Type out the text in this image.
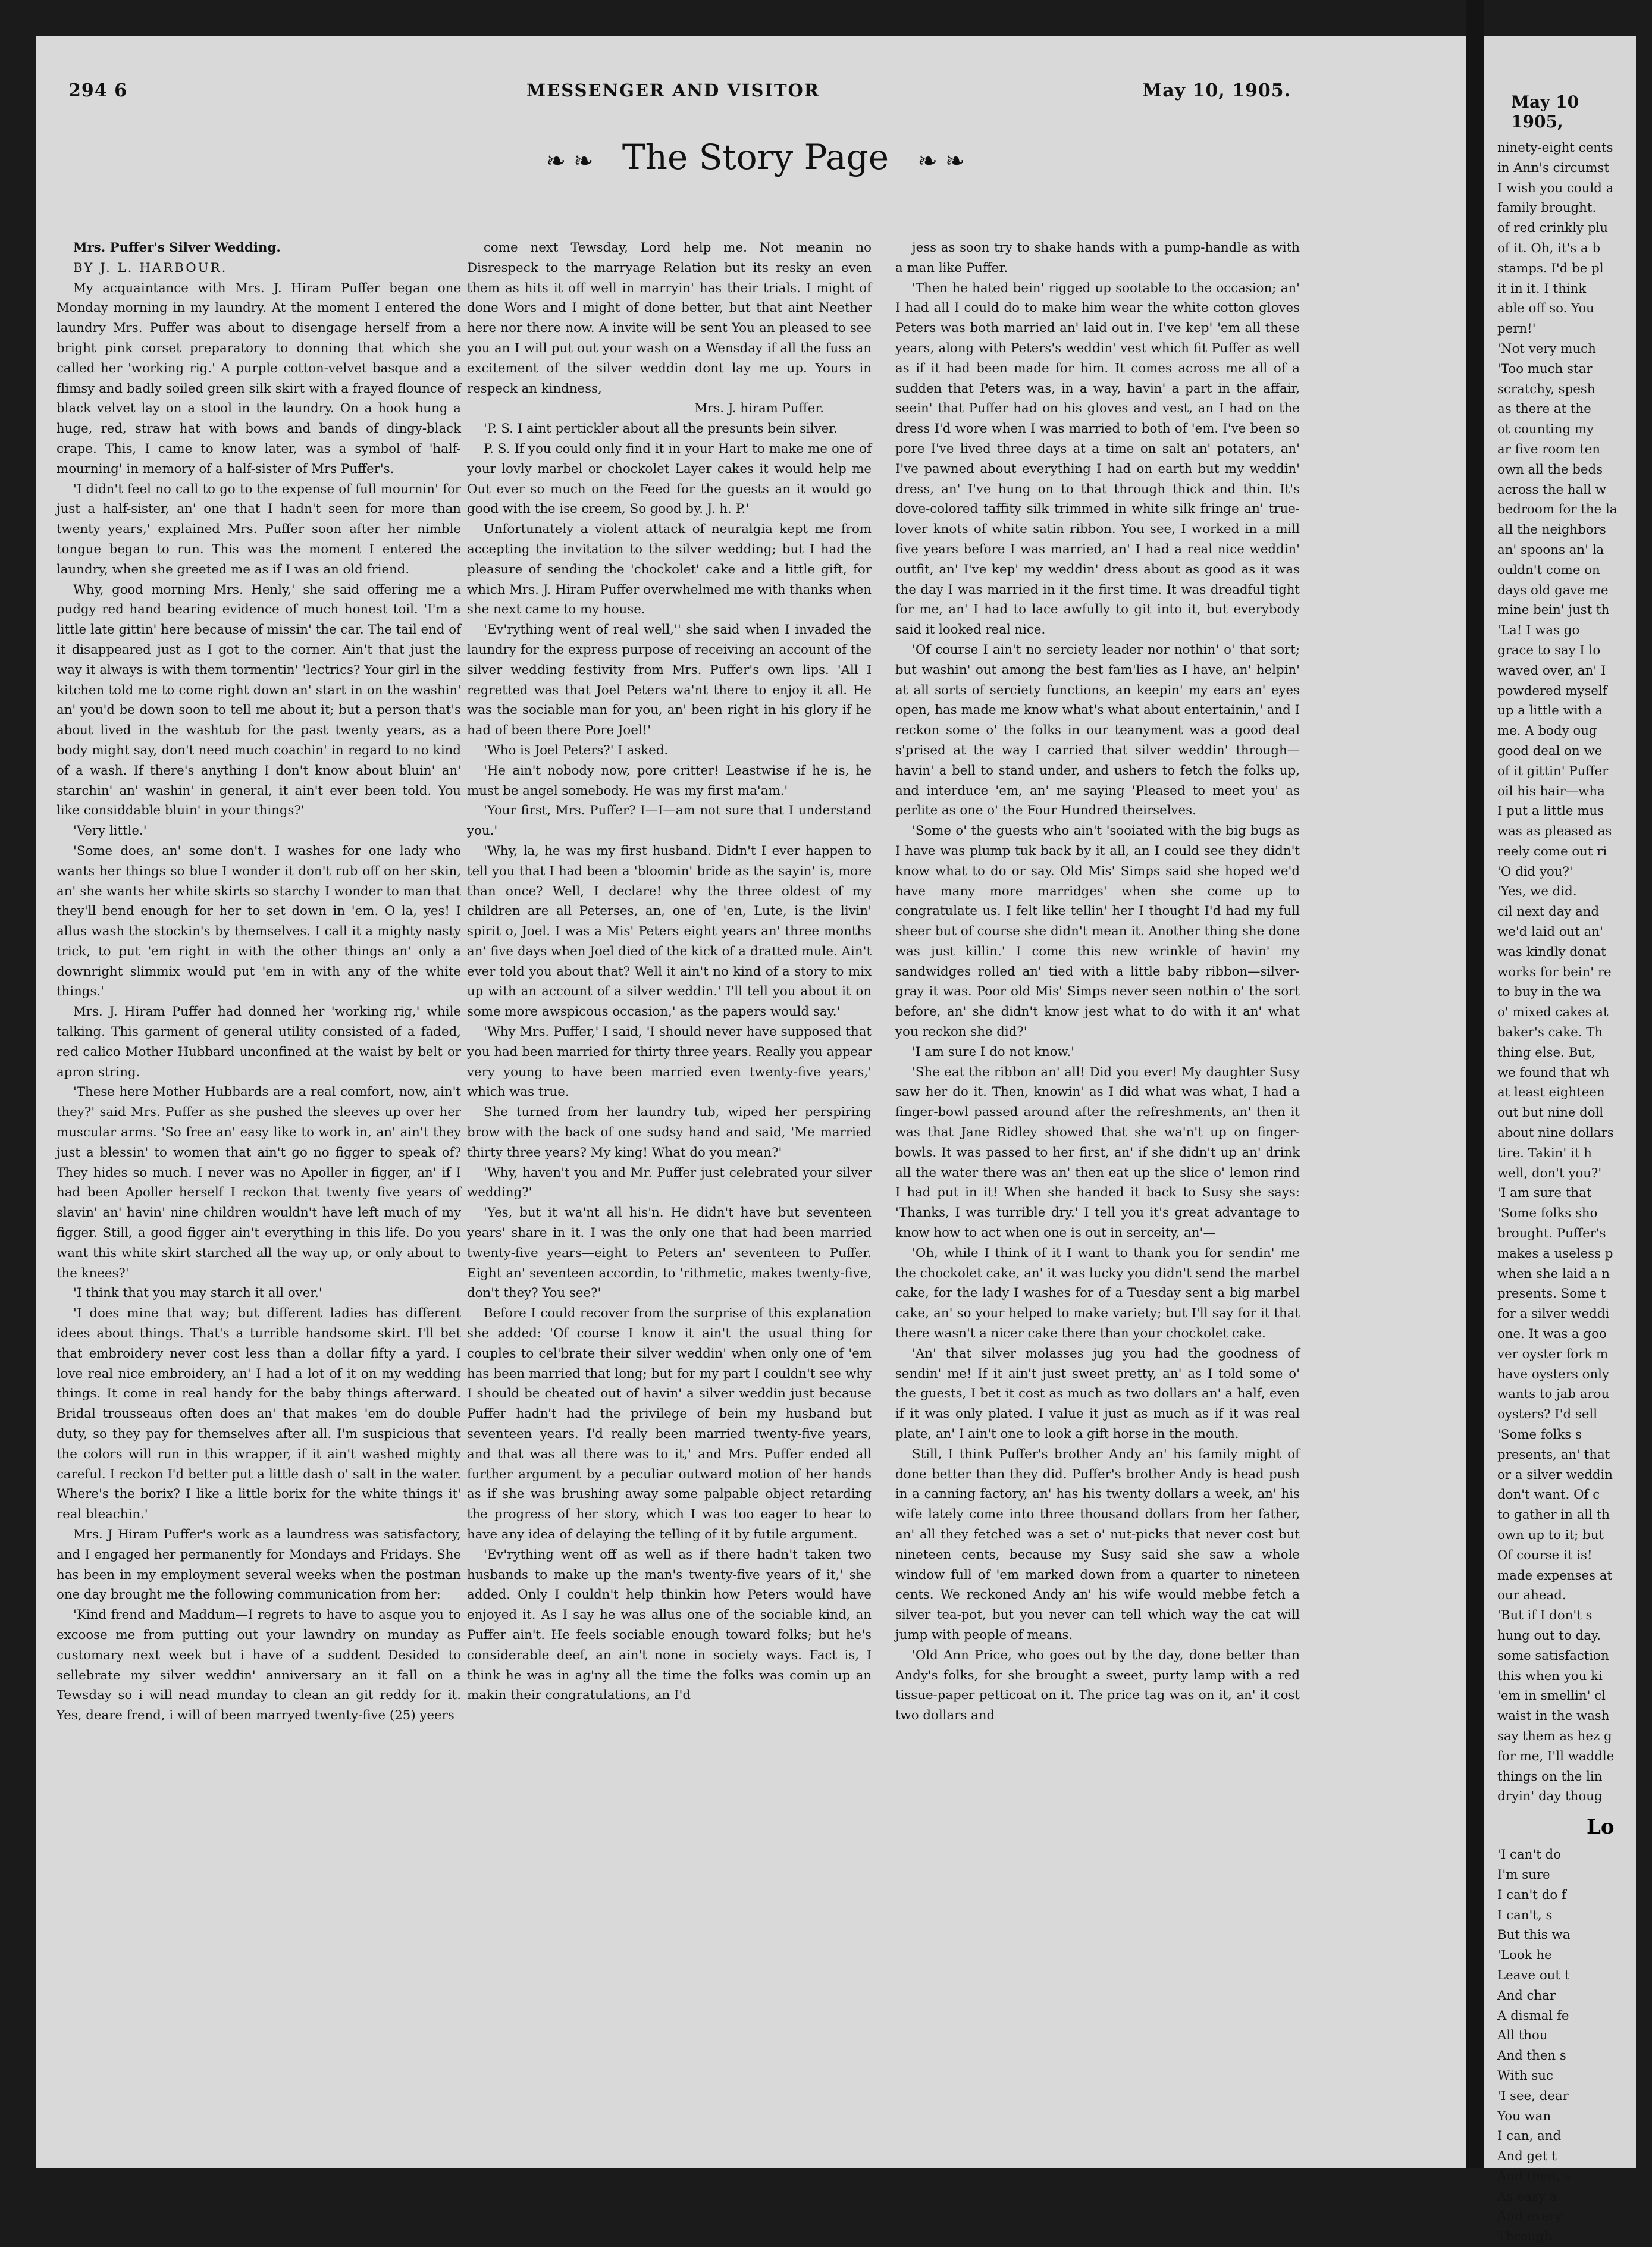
294 6	MESSENGER AND VISITOR	May 10, 1905.
❧ ❧ The Story Page ❧ ❧

Mrs. Puffer's Silver Wedding.

BY J. L. HARBOUR.

My acquaintance with Mrs. J. Hiram Puffer began one Monday morning in my laundry. At the moment I entered the laundry Mrs. Puffer was about to disengage herself from a bright pink corset preparatory to donning that which she called her 'working rig.' A purple cotton-velvet basque and a flimsy and badly soiled green silk skirt with a frayed flounce of black velvet lay on a stool in the laundry. On a hook hung a huge, red, straw hat with bows and bands of dingy-black crape. This, I came to know later, was a symbol of 'half-mourning' in memory of a half-sister of Mrs Puffer's.

'I didn't feel no call to go to the expense of full mournin' for just a half-sister, an' one that I hadn't seen for more than twenty years,' explained Mrs. Puffer soon after her nimble tongue began to run. This was the moment I entered the laundry, when she greeted me as if I was an old friend.

Why, good morning Mrs. Henly,' she said offering me a pudgy red hand bearing evidence of much honest toil. 'I'm a little late gittin' here because of missin' the car. The tail end of it disappeared just as I got to the corner. Ain't that just the way it always is with them tormentin' 'lectrics? Your girl in the kitchen told me to come right down an' start in on the washin' an' you'd be down soon to tell me about it; but a person that's about lived in the washtub for the past twenty years, as a body might say, don't need much coachin' in regard to no kind of a wash. If there's anything I don't know about bluin' an' starchin' an' washin' in general, it ain't ever been told. You like considdable bluin' in your things?'

'Very little.'

'Some does, an' some don't. I washes for one lady who wants her things so blue I wonder it don't rub off on her skin, an' she wants her white skirts so starchy I wonder to man that they'll bend enough for her to set down in 'em. O la, yes! I allus wash the stockin's by themselves. I call it a mighty nasty trick, to put 'em right in with the other things an' only a downright slimmix would put 'em in with any of the white things.'

Mrs. J. Hiram Puffer had donned her 'working rig,' while talking. This garment of general utility consisted of a faded, red calico Mother Hubbard unconfined at the waist by belt or apron string.

'These here Mother Hubbards are a real comfort, now, ain't they?' said Mrs. Puffer as she pushed the sleeves up over her muscular arms. 'So free an' easy like to work in, an' ain't they just a blessin' to women that ain't go no figger to speak of? They hides so much. I never was no Apoller in figger, an' if I had been Apoller herself I reckon that twenty five years of slavin' an' havin' nine children wouldn't have left much of my figger. Still, a good figger ain't everything in this life. Do you want this white skirt starched all the way up, or only about to the knees?'

'I think that you may starch it all over.'

'I does mine that way; but different ladies has different idees about things. That's a turrible handsome skirt. I'll bet that embroidery never cost less than a dollar fifty a yard. I love real nice embroidery, an' I had a lot of it on my wedding things. It come in real handy for the baby things afterward. Bridal trousseaus often does an' that makes 'em do double duty, so they pay for themselves after all. I'm suspicious that the colors will run in this wrapper, if it ain't washed mighty careful. I reckon I'd better put a little dash o' salt in the water. Where's the borix? I like a little borix for the white things it' real bleachin.'

Mrs. J Hiram Puffer's work as a laundress was satisfactory, and I engaged her permanently for Mondays and Fridays. She has been in my employment several weeks when the postman one day brought me the following communication from her:

'Kind frend and Maddum—I regrets to have to asque you to excoose me from putting out your lawndry on munday as customary next week but i have of a suddent Desided to sellebrate my silver weddin' anniversary an it fall on a Tewsday so i will nead munday to clean an git reddy for it. Yes, deare frend, i will of been marryed twenty-five (25) yeers

come next Tewsday, Lord help me. Not meanin no Disrespeck to the marryage Relation but its resky an even them as hits it off well in marryin' has their trials. I might of done Wors and I might of done better, but that aint Neether here nor there now. A invite will be sent You an pleased to see you an I will put out your wash on a Wensday if all the fuss an excitement of the silver weddin dont lay me up. Yours in respeck an kindness,

Mrs. J. hiram Puffer.

'P. S. I aint pertickler about all the presunts bein silver.

P. S. If you could only find it in your Hart to make me one of your lovly marbel or chockolet Layer cakes it would help me Out ever so much on the Feed for the guests an it would go good with the ise creem, So good by. J. h. P.'

Unfortunately a violent attack of neuralgia kept me from accepting the invitation to the silver wedding; but I had the pleasure of sending the 'chockolet' cake and a little gift, for which Mrs. J. Hiram Puffer overwhelmed me with thanks when she next came to my house.

'Ev'rything went of real well,'' she said when I invaded the laundry for the express purpose of receiving an account of the silver wedding festivity from Mrs. Puffer's own lips. 'All I regretted was that Joel Peters wa'nt there to enjoy it all. He was the sociable man for you, an' been right in his glory if he had of been there Pore Joel!'

'Who is Joel Peters?' I asked.

'He ain't nobody now, pore critter! Leastwise if he is, he must be angel somebody. He was my first ma'am.'

'Your first, Mrs. Puffer? I—I—am not sure that I understand you.'

'Why, la, he was my first husband. Didn't I ever happen to tell you that I had been a 'bloomin' bride as the sayin' is, more than once? Well, I declare! why the three oldest of my children are all Peterses, an, one of 'en, Lute, is the livin' spirit o, Joel. I was a Mis' Peters eight years an' three months an' five days when Joel died of the kick of a dratted mule. Ain't ever told you about that? Well it ain't no kind of a story to mix up with an account of a silver weddin.' I'll tell you about it on some more awspicous occasion,' as the papers would say.'

'Why Mrs. Puffer,' I said, 'I should never have supposed that you had been married for thirty three years. Really you appear very young to have been married even twenty-five years,' which was true.

She turned from her laundry tub, wiped her perspiring brow with the back of one sudsy hand and said, 'Me married thirty three years? My king! What do you mean?'

'Why, haven't you and Mr. Puffer just celebrated your silver wedding?'

'Yes, but it wa'nt all his'n. He didn't have but seventeen years' share in it. I was the only one that had been married twenty-five years—eight to Peters an' seventeen to Puffer. Eight an' seventeen accordin, to 'rithmetic, makes twenty-five, don't they? You see?'

Before I could recover from the surprise of this explanation she added: 'Of course I know it ain't the usual thing for couples to cel'brate their silver weddin' when only one of 'em has been married that long; but for my part I couldn't see why I should be cheated out of havin' a silver weddin just because Puffer hadn't had the privilege of bein my husband but seventeen years. I'd really been married twenty-five years, and that was all there was to it,' and Mrs. Puffer ended all further argument by a peculiar outward motion of her hands as if she was brushing away some palpable object retarding the progress of her story, which I was too eager to hear to have any idea of delaying the telling of it by futile argument.

'Ev'rything went off as well as if there hadn't taken two husbands to make up the man's twenty-five years of it,' she added. Only I couldn't help thinkin how Peters would have enjoyed it. As I say he was allus one of the sociable kind, an Puffer ain't. He feels sociable enough toward folks; but he's considerable deef, an ain't none in society ways. Fact is, I think he was in ag'ny all the time the folks was comin up an makin their congratulations, an I'd

jess as soon try to shake hands with a pump-handle as with a man like Puffer.

'Then he hated bein' rigged up sootable to the occasion; an' I had all I could do to make him wear the white cotton gloves Peters was both married an' laid out in. I've kep' 'em all these years, along with Peters's weddin' vest which fit Puffer as well as if it had been made for him. It comes across me all of a sudden that Peters was, in a way, havin' a part in the affair, seein' that Puffer had on his gloves and vest, an I had on the dress I'd wore when I was married to both of 'em. I've been so pore I've lived three days at a time on salt an' potaters, an' I've pawned about everything I had on earth but my weddin' dress, an' I've hung on to that through thick and thin. It's dove-colored taffity silk trimmed in white silk fringe an' true-lover knots of white satin ribbon. You see, I worked in a mill five years before I was married, an' I had a real nice weddin' outfit, an' I've kep' my weddin' dress about as good as it was the day I was married in it the first time. It was dreadful tight for me, an' I had to lace awfully to git into it, but everybody said it looked real nice.

'Of course I ain't no serciety leader nor nothin' o' that sort; but washin' out among the best fam'lies as I have, an' helpin' at all sorts of serciety functions, an keepin' my ears an' eyes open, has made me know what's what about entertainin,' and I reckon some o' the folks in our teanyment was a good deal s'prised at the way I carried that silver weddin' through—havin' a bell to stand under, and ushers to fetch the folks up, and interduce 'em, an' me saying 'Pleased to meet you' as perlite as one o' the Four Hundred theirselves.

'Some o' the guests who ain't 'sooiated with the big bugs as I have was plump tuk back by it all, an I could see they didn't know what to do or say. Old Mis' Simps said she hoped we'd have many more marridges' when she come up to congratulate us. I felt like tellin' her I thought I'd had my full sheer but of course she didn't mean it. Another thing she done was just killin.' I come this new wrinkle of havin' my sandwidges rolled an' tied with a little baby ribbon—silver-gray it was. Poor old Mis' Simps never seen nothin o' the sort before, an' she didn't know jest what to do with it an' what you reckon she did?'

'I am sure I do not know.'

'She eat the ribbon an' all! Did you ever! My daughter Susy saw her do it. Then, knowin' as I did what was what, I had a finger-bowl passed around after the refreshments, an' then it was that Jane Ridley showed that she wa'n't up on finger-bowls. It was passed to her first, an' if she didn't up an' drink all the water there was an' then eat up the slice o' lemon rind I had put in it! When she handed it back to Susy she says: 'Thanks, I was turrible dry.' I tell you it's great advantage to know how to act when one is out in serceity, an'—

'Oh, while I think of it I want to thank you for sendin' me the chockolet cake, an' it was lucky you didn't send the marbel cake, for the lady I washes for of a Tuesday sent a big marbel cake, an' so your helped to make variety; but I'll say for it that there wasn't a nicer cake there than your chockolet cake.

'An' that silver molasses jug you had the goodness of sendin' me! If it ain't just sweet pretty, an' as I told some o' the guests, I bet it cost as much as two dollars an' a half, even if it was only plated. I value it just as much as if it was real plate, an' I ain't one to look a gift horse in the mouth.

Still, I think Puffer's brother Andy an' his family might of done better than they did. Puffer's brother Andy is head push in a canning factory, an' has his twenty dollars a week, an' his wife lately come into three thousand dollars from her father, an' all they fetched was a set o' nut-picks that never cost but nineteen cents, because my Susy said she saw a whole window full of 'em marked down from a quarter to nineteen cents. We reckoned Andy an' his wife would mebbe fetch a silver tea-pot, but you never can tell which way the cat will jump with people of means.

'Old Ann Price, who goes out by the day, done better than Andy's folks, for she brought a sweet, purty lamp with a red tissue-paper petticoat on it. The price tag was on it, an' it cost two dollars and

May 10 1905,

ninety-eight cents

in Ann's circumst

I wish you could a

family brought.

of red crinkly plu

of it. Oh, it's a b

stamps. I'd be pl

it in it. I think

able off so. You

pern!'

'Not very much

'Too much star

scratchy, spesh

as there at the

ot counting my

ar five room ten

own all the beds

across the hall w

bedroom for the la

all the neighbors

an' spoons an' la

ouldn't come on

days old gave me

mine bein' just th

'La! I was go

grace to say I lo

waved over, an' I

powdered myself

up a little with a

me. A body oug

good deal on we

of it gittin' Puffer

oil his hair—wha

I put a little mus

was as pleased as

reely come out ri

'O did you?'

'Yes, we did.

cil next day and

we'd laid out an'

was kindly donat

works for bein' re

to buy in the wa

o' mixed cakes at

baker's cake. Th

thing else. But,

we found that wh

at least eighteen

out but nine doll

about nine dollars

tire. Takin' it h

well, don't you?'

'I am sure that

'Some folks sho

brought. Puffer's

makes a useless p

when she laid a n

presents. Some t

for a silver weddi

one. It was a goo

ver oyster fork m

have oysters only

wants to jab arou

oysters? I'd sell

'Some folks s

presents, an' that

or a silver weddin

don't want. Of c

to gather in all th

own up to it; but

Of course it is!

made expenses at

our ahead.

'But if I don't s

hung out to day.

some satisfaction

this when you ki

'em in smellin' cl

waist in the wash

say them as hez g

for me, I'll waddle

things on the lin

dryin' day thoug

Lo

'I can't do

I'm sure

I can't do f

I can't, s

But this wa

'Look he

Leave out t

And char

A dismal fe

All thou

And then s

With suc

'I see, dear

You wan

I can, and

And get t

And then, s

As easy a

And every

Through
